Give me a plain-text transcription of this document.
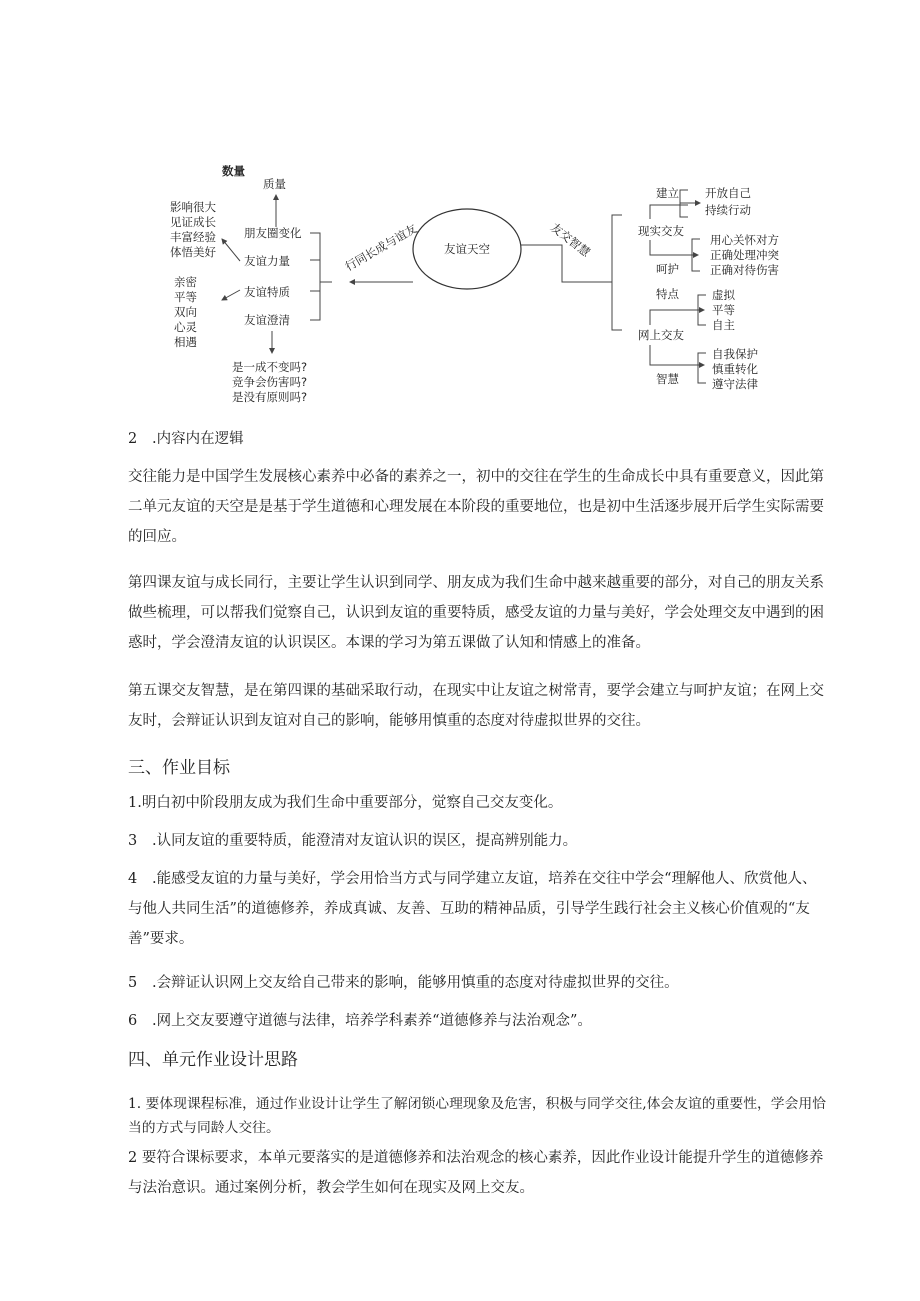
友谊天空
行同长成与谊友	友交智慧
朋友圈变化
友谊力量
友谊特质
友谊澄清
数量
质量
影响很大
见证成长
丰富经验
体悟美好
亲密
平等
双向
心灵
相遇
是一成不变吗?
竞争会伤害吗?
是没有原则吗?
现实交友
建立 开放自己
持续行动
呵护
用心关怀对方
正确处理冲突
正确对待伤害
网上交友
特点	虚拟
平等
自主
智慧
自我保护
慎重转化
遵守法律

2 .内容内在逻辑

交往能力是中国学生发展核心素养中必备的素养之一，初中的交往在学生的生命成长中具有重要意义，因此第二单元友谊的天空是是基于学生道德和心理发展在本阶段的重要地位，也是初中生活逐步展开后学生实际需要的回应。

第四课友谊与成长同行，主要让学生认识到同学、朋友成为我们生命中越来越重要的部分，对自己的朋友关系做些梳理，可以帮我们觉察自己，认识到友谊的重要特质，感受友谊的力量与美好，学会处理交友中遇到的困惑时，学会澄清友谊的认识误区。本课的学习为第五课做了认知和情感上的准备。

第五课交友智慧，是在第四课的基础采取行动，在现实中让友谊之树常青，要学会建立与呵护友谊；在网上交友时，会辩证认识到友谊对自己的影响，能够用慎重的态度对待虚拟世界的交往。

三、作业目标

1.明白初中阶段朋友成为我们生命中重要部分，觉察自己交友变化。

3 .认同友谊的重要特质，能澄清对友谊认识的误区，提高辨别能力。

4 .能感受友谊的力量与美好，学会用恰当方式与同学建立友谊，培养在交往中学会“理解他人、欣赏他人、与他人共同生活”的道德修养，养成真诚、友善、互助的精神品质，引导学生践行社会主义核心价值观的“友善”要求。

5 .会辩证认识网上交友给自己带来的影响，能够用慎重的态度对待虚拟世界的交往。

6 .网上交友要遵守道德与法律，培养学科素养“道德修养与法治观念”。

四、单元作业设计思路

1. 要体现课程标准，通过作业设计让学生了解闭锁心理现象及危害，积极与同学交往,体会友谊的重要性，学会用恰当的方式与同龄人交往。

2 要符合课标要求，本单元要落实的是道德修养和法治观念的核心素养，因此作业设计能提升学生的道德修养与法治意识。通过案例分析，教会学生如何在现实及网上交友。
